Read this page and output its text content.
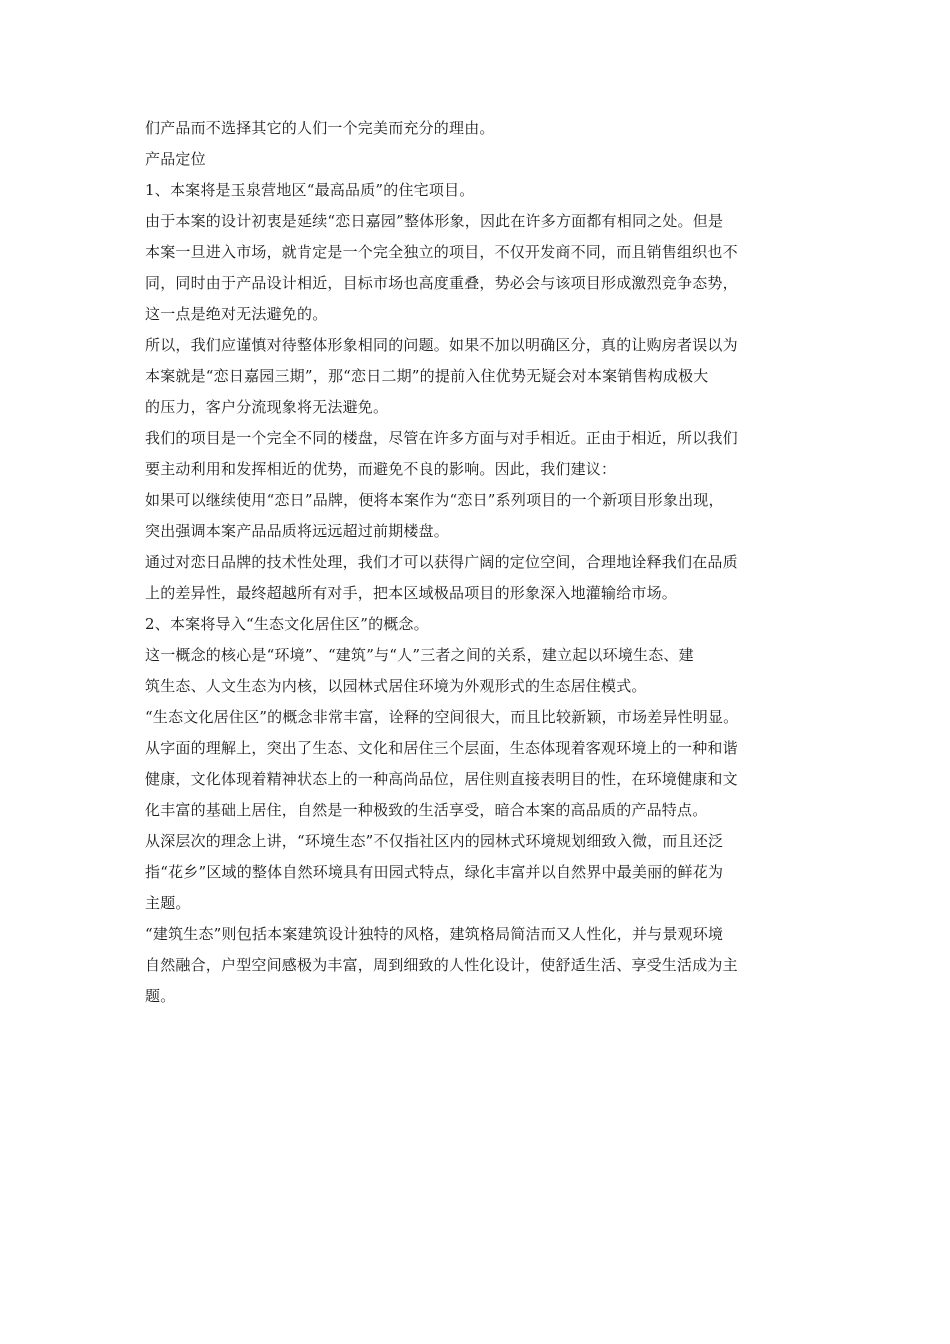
们产品而不选择其它的人们一个完美而充分的理由。
产品定位
1、本案将是玉泉营地区“最高品质”的住宅项目。
由于本案的设计初衷是延续“恋日嘉园”整体形象，因此在许多方面都有相同之处。但是
本案一旦进入市场，就肯定是一个完全独立的项目，不仅开发商不同，而且销售组织也不
同，同时由于产品设计相近，目标市场也高度重叠，势必会与该项目形成激烈竞争态势，
这一点是绝对无法避免的。
所以，我们应谨慎对待整体形象相同的问题。如果不加以明确区分，真的让购房者误以为
本案就是“恋日嘉园三期”，那“恋日二期”的提前入住优势无疑会对本案销售构成极大
的压力，客户分流现象将无法避免。
我们的项目是一个完全不同的楼盘，尽管在许多方面与对手相近。正由于相近，所以我们
要主动利用和发挥相近的优势，而避免不良的影响。因此，我们建议：
如果可以继续使用“恋日”品牌，便将本案作为“恋日”系列项目的一个新项目形象出现，
突出强调本案产品品质将远远超过前期楼盘。
通过对恋日品牌的技术性处理，我们才可以获得广阔的定位空间，合理地诠释我们在品质
上的差异性，最终超越所有对手，把本区域极品项目的形象深入地灌输给市场。
2、本案将导入“生态文化居住区”的概念。
这一概念的核心是“环境”、“建筑”与“人”三者之间的关系，建立起以环境生态、建
筑生态、人文生态为内核，以园林式居住环境为外观形式的生态居住模式。
“生态文化居住区”的概念非常丰富，诠释的空间很大，而且比较新颖，市场差异性明显。
从字面的理解上，突出了生态、文化和居住三个层面，生态体现着客观环境上的一种和谐
健康，文化体现着精神状态上的一种高尚品位，居住则直接表明目的性，在环境健康和文
化丰富的基础上居住，自然是一种极致的生活享受，暗合本案的高品质的产品特点。
从深层次的理念上讲，“环境生态”不仅指社区内的园林式环境规划细致入微，而且还泛
指“花乡”区域的整体自然环境具有田园式特点，绿化丰富并以自然界中最美丽的鲜花为
主题。
“建筑生态”则包括本案建筑设计独特的风格，建筑格局简洁而又人性化，并与景观环境
自然融合，户型空间感极为丰富，周到细致的人性化设计，使舒适生活、享受生活成为主
题。
